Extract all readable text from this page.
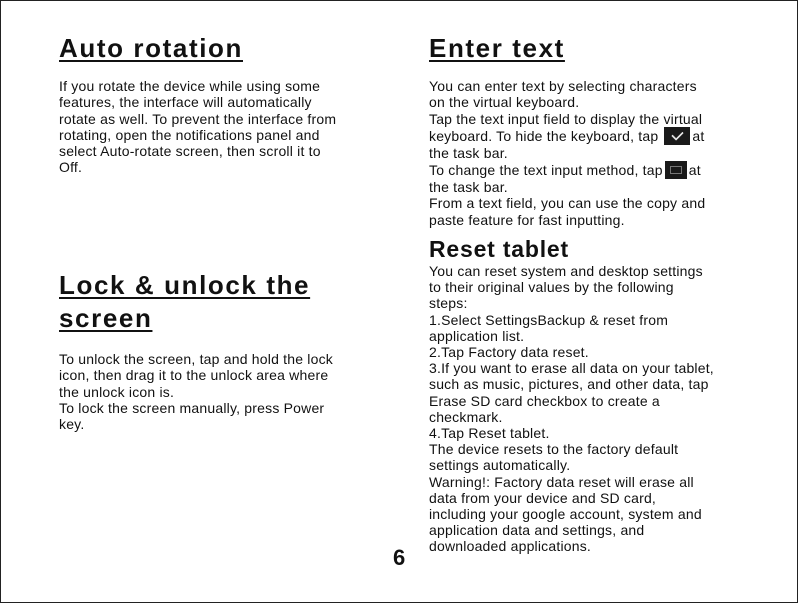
Auto rotation

If you rotate the device while using some
features, the interface will automatically
rotate as well. To prevent the interface from
rotating, open the notifications panel and
select Auto-rotate screen, then scroll it to
Off.

Lock & unlock the
screen

To unlock the screen, tap and hold the lock
icon, then drag it to the unlock area where
the unlock icon is.
To lock the screen manually, press Power
key.

Enter text

You can enter text by selecting characters
on the virtual keyboard.
Tap the text input field to display the virtual
keyboard. To hide the keyboard, tap at
the task bar.
To change the text input method, tap at
the task bar.
From a text field, you can use the copy and
paste feature for fast inputting.

Reset tablet

You can reset system and desktop settings
to their original values by the following
steps:
1.Select SettingsBackup & reset from
application list.
2.Tap Factory data reset.
3.If you want to erase all data on your tablet,
such as music, pictures, and other data, tap
Erase SD card checkbox to create a
checkmark.
4.Tap Reset tablet.
The device resets to the factory default
settings automatically.
Warning!: Factory data reset will erase all
data from your device and SD card,
including your google account, system and
application data and settings, and
downloaded applications.

6
